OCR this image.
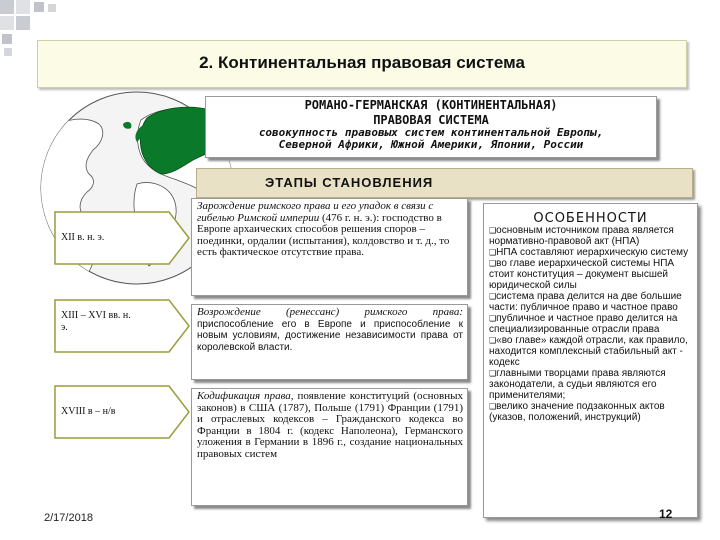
2. Континентальная правовая система
РОМАНО-ГЕРМАНСКАЯ (КОНТИНЕНТАЛЬНАЯ)
ПРАВОВАЯ СИСТЕМА
совокупность правовых систем континентальной Европы,
Северной Африки, Южной Америки, Японии, России
ЭТАПЫ СТАНОВЛЕНИЯ
XII в. н. э.
XIII – XVI вв. н. э.
XVIII в – н/в
Зарождение римского права и его упадок в связи с гибелью Римской империи (476 г. н. э.): господство в Европе архаических способов решения споров – поединки, ордалии (испытания), колдовство и т. д., то есть фактическое отсутствие права.
Возрождение (ренессанс) римского права: приспособление его в Европе и приспособление к новым условиям, достижение независимости права от королевской власти.
Кодификация права, появление конституций (основных законов) в США (1787), Польше (1791) Франции (1791) и отраслевых кодексов – Гражданского кодекса во Франции в 1804 г. (кодекс Наполеона), Германского уложения в Германии в 1896 г., создание национальных правовых систем
ОСОБЕННОСТИ
❑основным источником права является нормативно-правовой акт (НПА)
❑НПА составляют иерархическую систему
❑во главе иерархической системы НПА стоит конституция – документ высшей юридической силы
❑система права делится на две большие части: публичное право и частное право
❑публичное и частное право делится на специализированные отрасли права
❑«во главе» каждой отрасли, как правило, находится комплексный стабильный акт - кодекс
❑главными творцами права являются законодатели, а судьи являются его применителями;
❑велико значение подзаконных актов (указов, положений, инструкций)
2/17/2018	12
